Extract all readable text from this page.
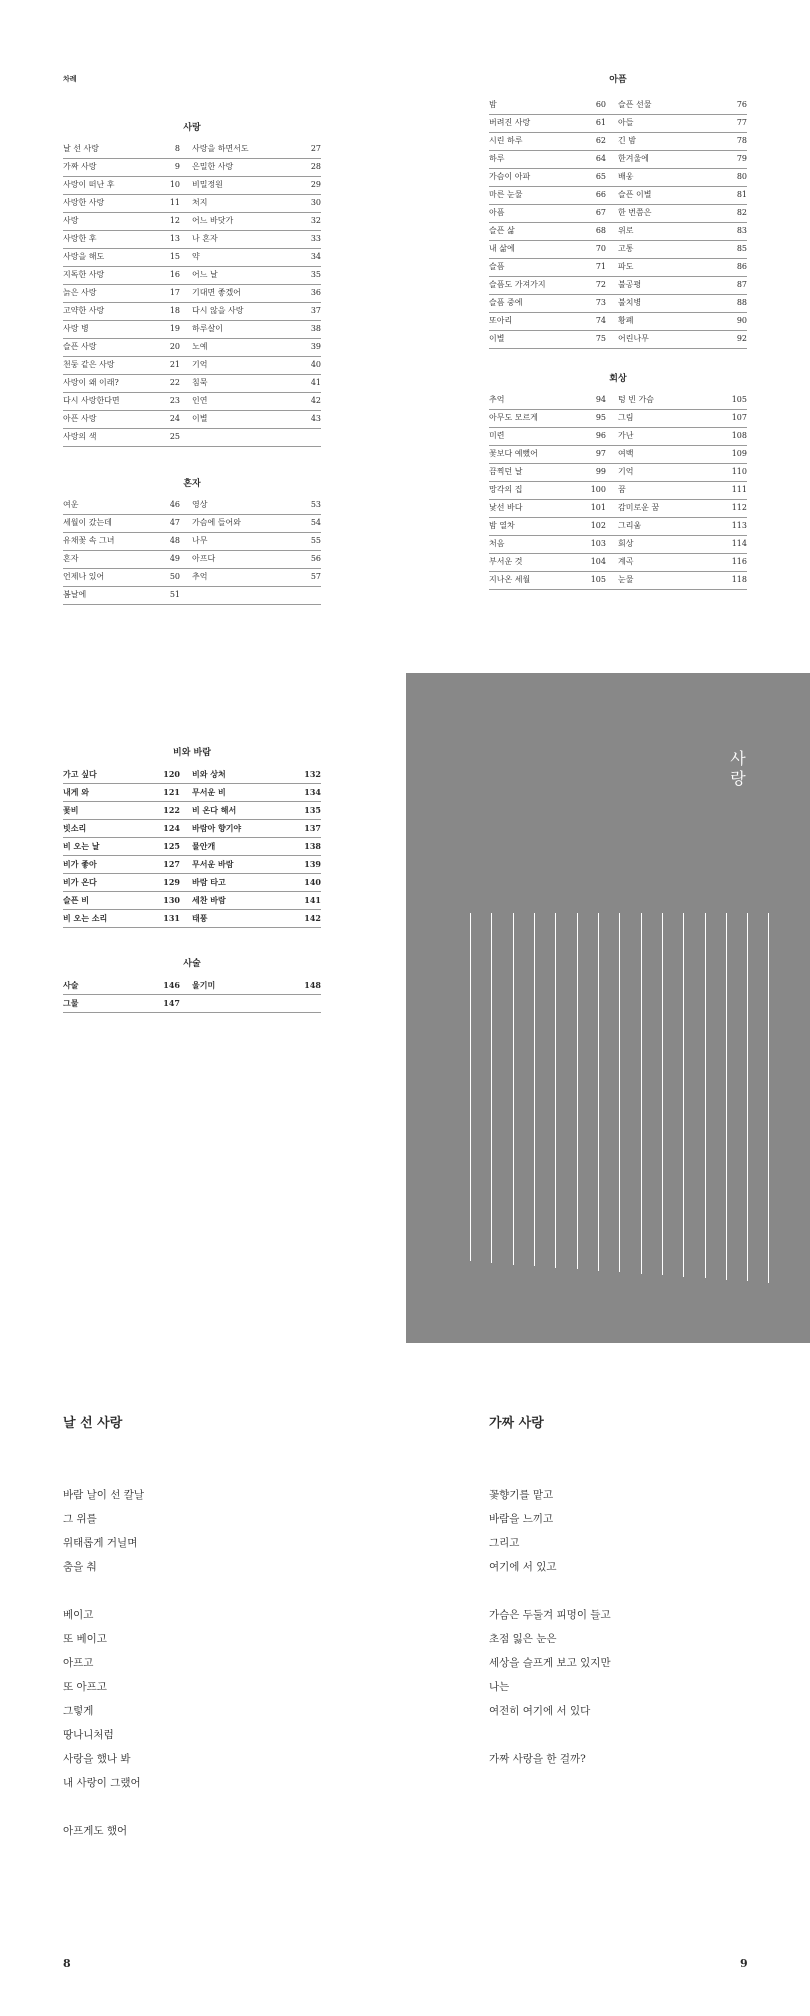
차례
사랑
날 선 사랑	8	사랑을 하면서도	27
가짜 사랑	9	은밀한 사랑	28
사랑이 떠난 후	10	비밀정원	29
사랑한 사랑	11	처지	30
사랑	12	어느 바닷가	32
사랑한 후	13	나 혼자	33
사랑을 해도	15	약	34
지독한 사랑	16	어느 날	35
늙은 사랑	17	기대면 좋겠어	36
고약한 사랑	18	다시 않을 사랑	37
사랑 병	19	하루살이	38
슬픈 사랑	20	노예	39
천둥 같은 사랑	21	기억	40
사랑이 왜 이래?	22	침묵	41
다시 사랑한다면	23	인연	42
아픈 사랑	24	이별	43
사랑의 색	25
혼자
여운	46	영상	53
세월이 갔는데	47	가슴에 들어와	54
유채꽃 속 그녀	48	나무	55
혼자	49	아프다	56
언제나 있어	50	추억	57
봄날에	51
아픔
밤	60	슬픈 선물	76
버려진 사랑	61	아들	77
시린 하루	62	긴 밤	78
하루	64	한겨울에	79
가슴이 아파	65	배웅	80
마른 눈물	66	슬픈 이별	81
아픔	67	한 번쯤은	82
슬픈 삶	68	위로	83
내 삶에	70	고통	85
슬픔	71	파도	86
슬픔도 가져가지	72	불공평	87
슬픔 중에	73	불치병	88
또아리	74	황폐	90
이별	75	어린나무	92
회상
추억	94	텅 빈 가슴	105
아무도 모르게	95	그림	107
미련	96	가난	108
꽃보다 예뻤어	97	여백	109
끔찍던 날	99	기억	110
망각의 집	100	꿈	111
낯선 바다	101	감미로운 꿈	112
밤 열차	102	그리움	113
처음	103	회상	114
부서운 것	104	계곡	116
지나온 세월	105	눈물	118
비와 바람
가고 싶다	120	비와 상처	132
내게 와	121	무서운 비	134
꽃비	122	비 온다 해서	135
빗소리	124	바람아 향기야	137
비 오는 날	125	물안개	138
비가 좋아	127	무서운 바람	139
비가 온다	129	바람 타고	140
슬픈 비	130	세찬 바람	141
비 오는 소리	131	태풍	142
사술
사술	146	울기미	148
그물	147
사
랑
날 선 사랑
바람 날이 선 칼날
그 위를
위태롭게 거닐며
춤을 춰
베이고
또 베이고
아프고
또 아프고
그렇게
땅나니처럼
사랑을 했나 봐
내 사랑이 그랬어
아프게도 했어
8
가짜 사랑
꽃향기를 맡고
바람을 느끼고
그리고
여기에 서 있고
가슴은 두둘겨 피멍이 들고
초점 잃은 눈은
세상을 슬프게 보고 있지만
나는
여전히 여기에 서 있다
가짜 사랑을 한 걸까?
9
